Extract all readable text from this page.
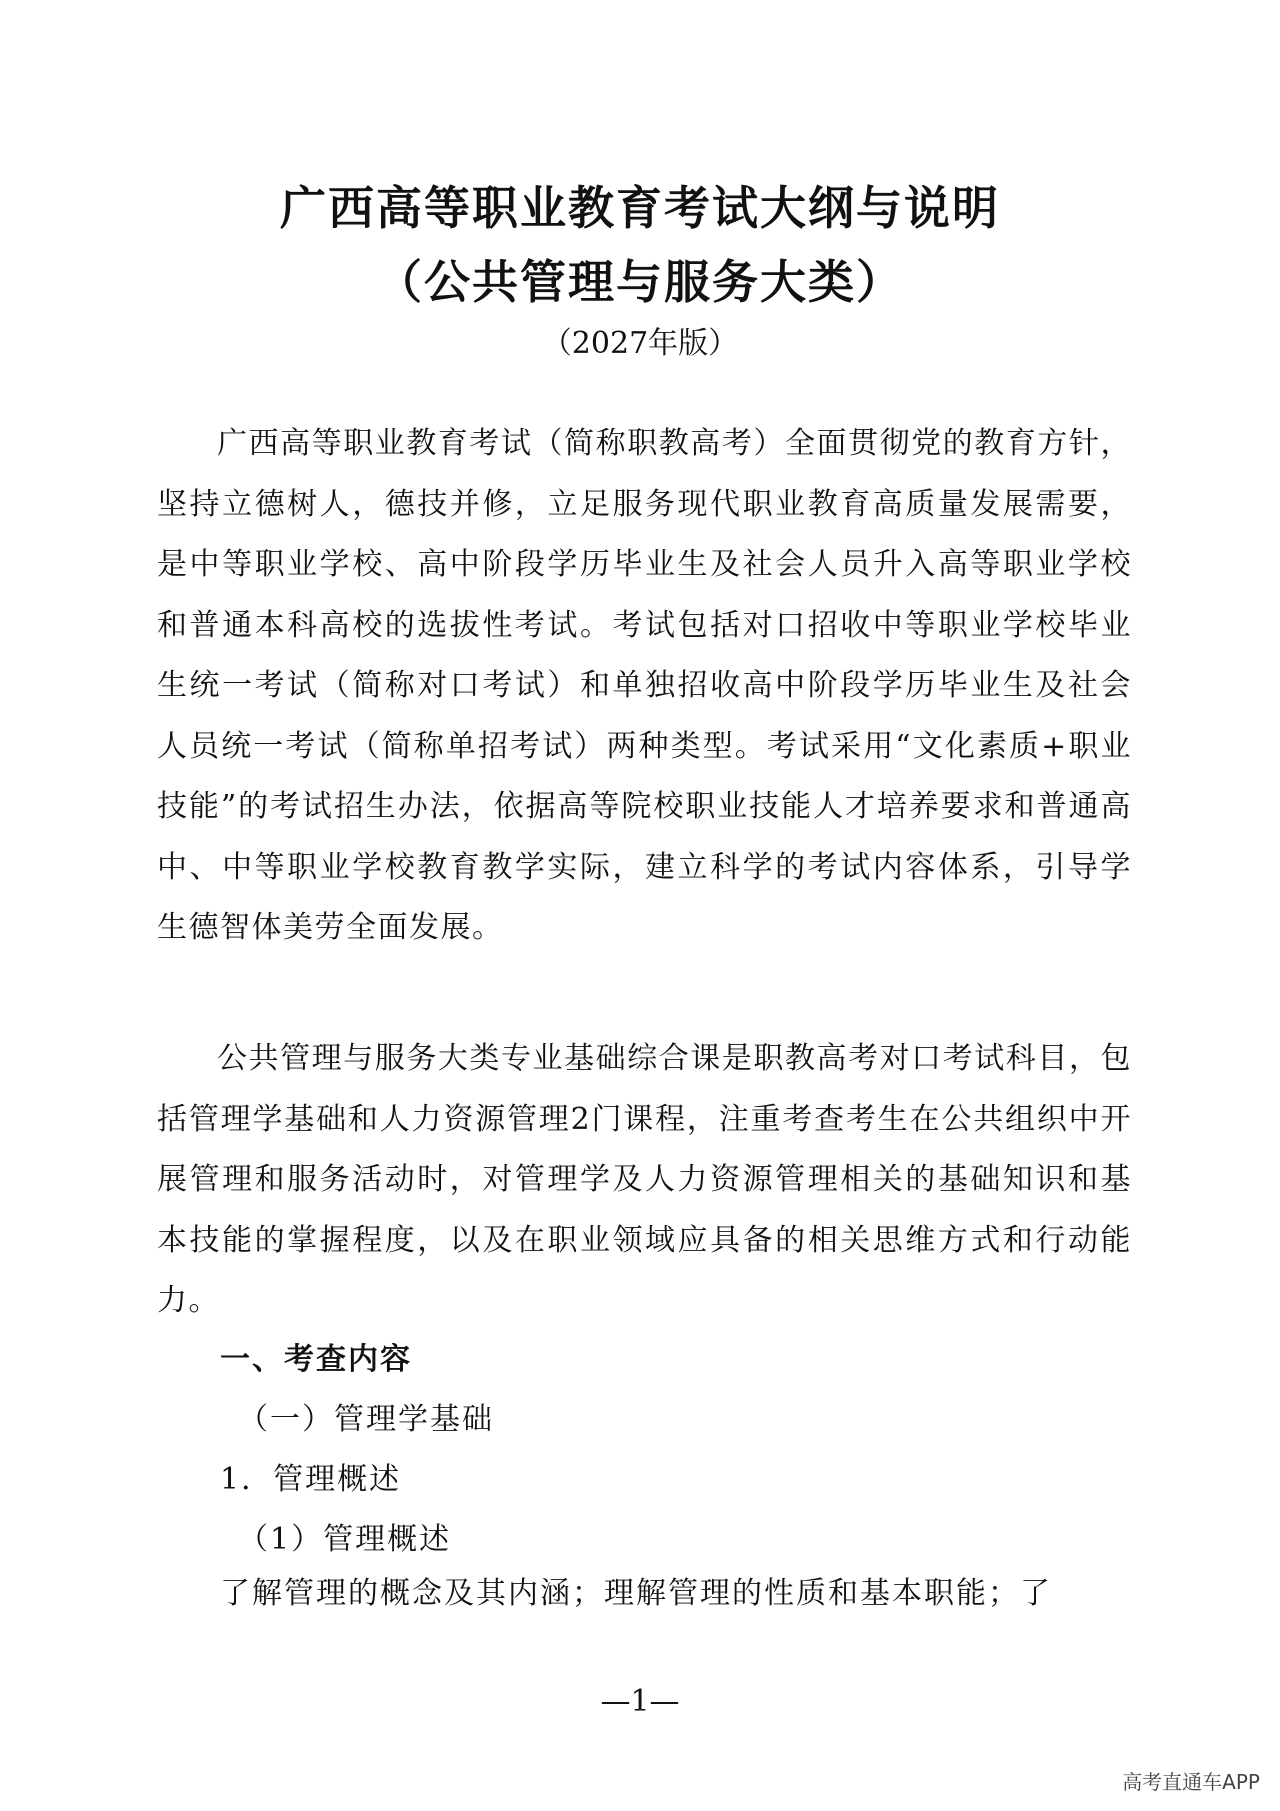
广西高等职业教育考试大纲与说明
（公共管理与服务大类）
（2027年版）

广西高等职业教育考试（简称职教高考）全面贯彻党的教育方针，坚持立德树人，德技并修，立足服务现代职业教育高质量发展需要，是中等职业学校、高中阶段学历毕业生及社会人员升入高等职业学校和普通本科高校的选拔性考试。考试包括对口招收中等职业学校毕业生统一考试（简称对口考试）和单独招收高中阶段学历毕业生及社会人员统一考试（简称单招考试）两种类型。考试采用“文化素质+职业技能”的考试招生办法，依据高等院校职业技能人才培养要求和普通高中、中等职业学校教育教学实际，建立科学的考试内容体系，引导学生德智体美劳全面发展。

公共管理与服务大类专业基础综合课是职教高考对口考试科目，包括管理学基础和人力资源管理2门课程，注重考查考生在公共组织中开展管理和服务活动时，对管理学及人力资源管理相关的基础知识和基本技能的掌握程度，以及在职业领域应具备的相关思维方式和行动能力。

一、考查内容

（一）管理学基础

1．管理概述

（1）管理概述

了解管理的概念及其内涵；理解管理的性质和基本职能；了

—1—
高考直通车APP
